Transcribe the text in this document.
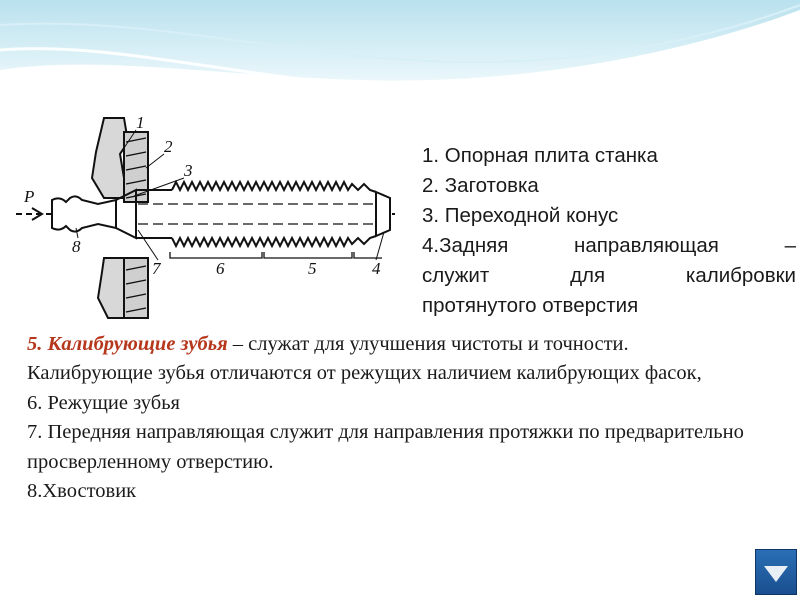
1
2
3
4
5
6
7
8
P
1. Опорная плита станка
2. Заготовка
3. Переходной конус
4.Задняя направляющая –
служит для калибровки
протянутого отверстия
5. Калибрующие зубья – служат для улучшения чистоты и точности.
Калибрующие зубья отличаются от режущих наличием калибрующих фасок,
6. Режущие зубья
7. Передняя направляющая служит для направления протяжки по предварительно просверленному отверстию.
8.Хвостовик
